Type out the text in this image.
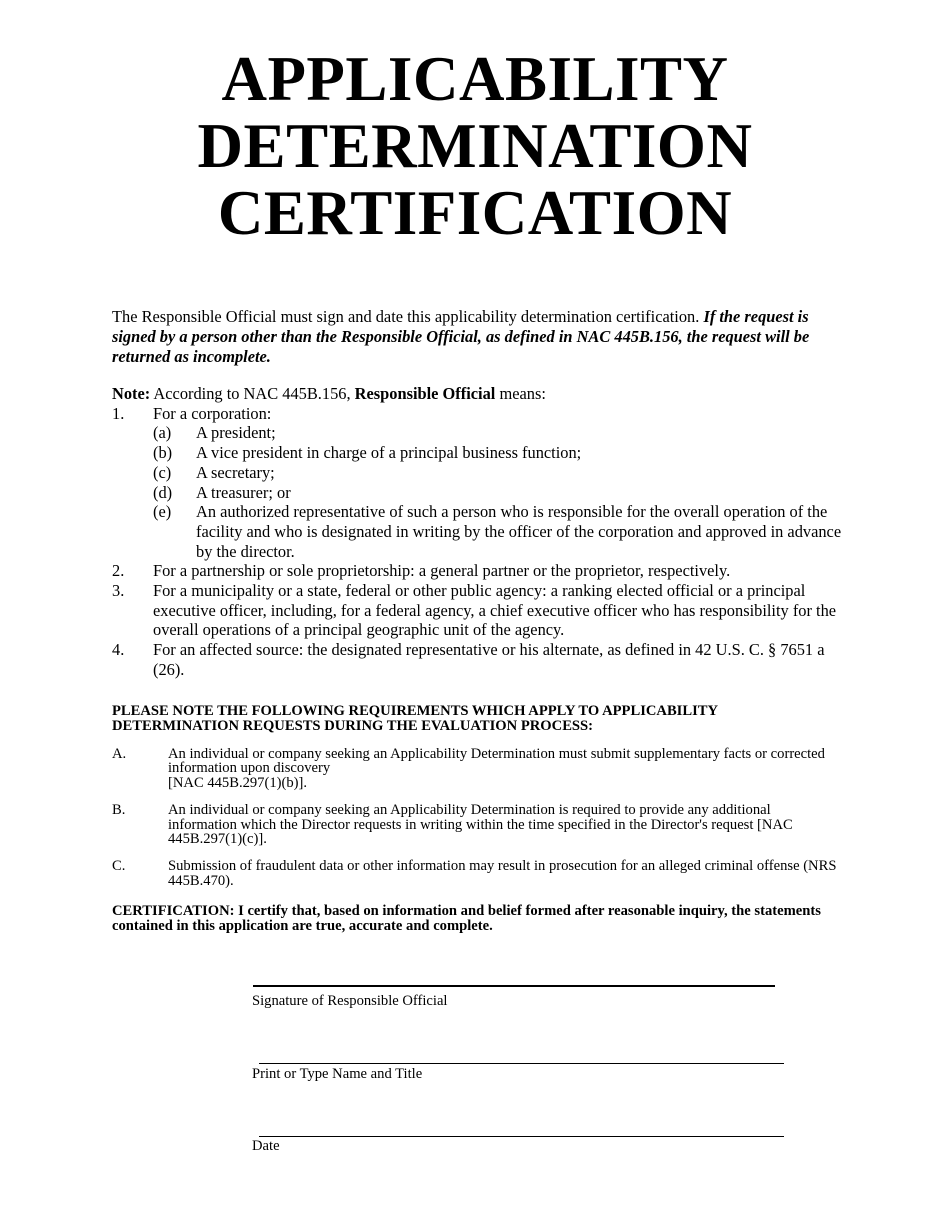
APPLICABILITY
DETERMINATION
CERTIFICATION
The Responsible Official must sign and date this applicability determination certification. If the request is signed by a person other than the Responsible Official, as defined in NAC 445B.156, the request will be returned as incomplete.
Note: According to NAC 445B.156, Responsible Official means:
1.	For a corporation:
(a)	A president;
(b)	A vice president in charge of a principal business function;
(c)	A secretary;
(d)	A treasurer; or
(e)	An authorized representative of such a person who is responsible for the overall operation of the facility and who is designated in writing by the officer of the corporation and approved in advance by the director.
2.	For a partnership or sole proprietorship: a general partner or the proprietor, respectively.
3.	For a municipality or a state, federal or other public agency: a ranking elected official or a principal executive officer, including, for a federal agency, a chief executive officer who has responsibility for the overall operations of a principal geographic unit of the agency.
4.	For an affected source: the designated representative or his alternate, as defined in 42 U.S. C. § 7651 a (26).
PLEASE NOTE THE FOLLOWING REQUIREMENTS WHICH APPLY TO APPLICABILITY DETERMINATION REQUESTS DURING THE EVALUATION PROCESS:
A.	An individual or company seeking an Applicability Determination must submit supplementary facts or corrected information upon discovery
[NAC 445B.297(1)(b)].
B.	An individual or company seeking an Applicability Determination is required to provide any additional information which the Director requests in writing within the time specified in the Director's request [NAC 445B.297(1)(c)].
C.	Submission of fraudulent data or other information may result in prosecution for an alleged criminal offense (NRS 445B.470).
CERTIFICATION: I certify that, based on information and belief formed after reasonable inquiry, the statements contained in this application are true, accurate and complete.
Signature of Responsible Official
Print or Type Name and Title
Date
